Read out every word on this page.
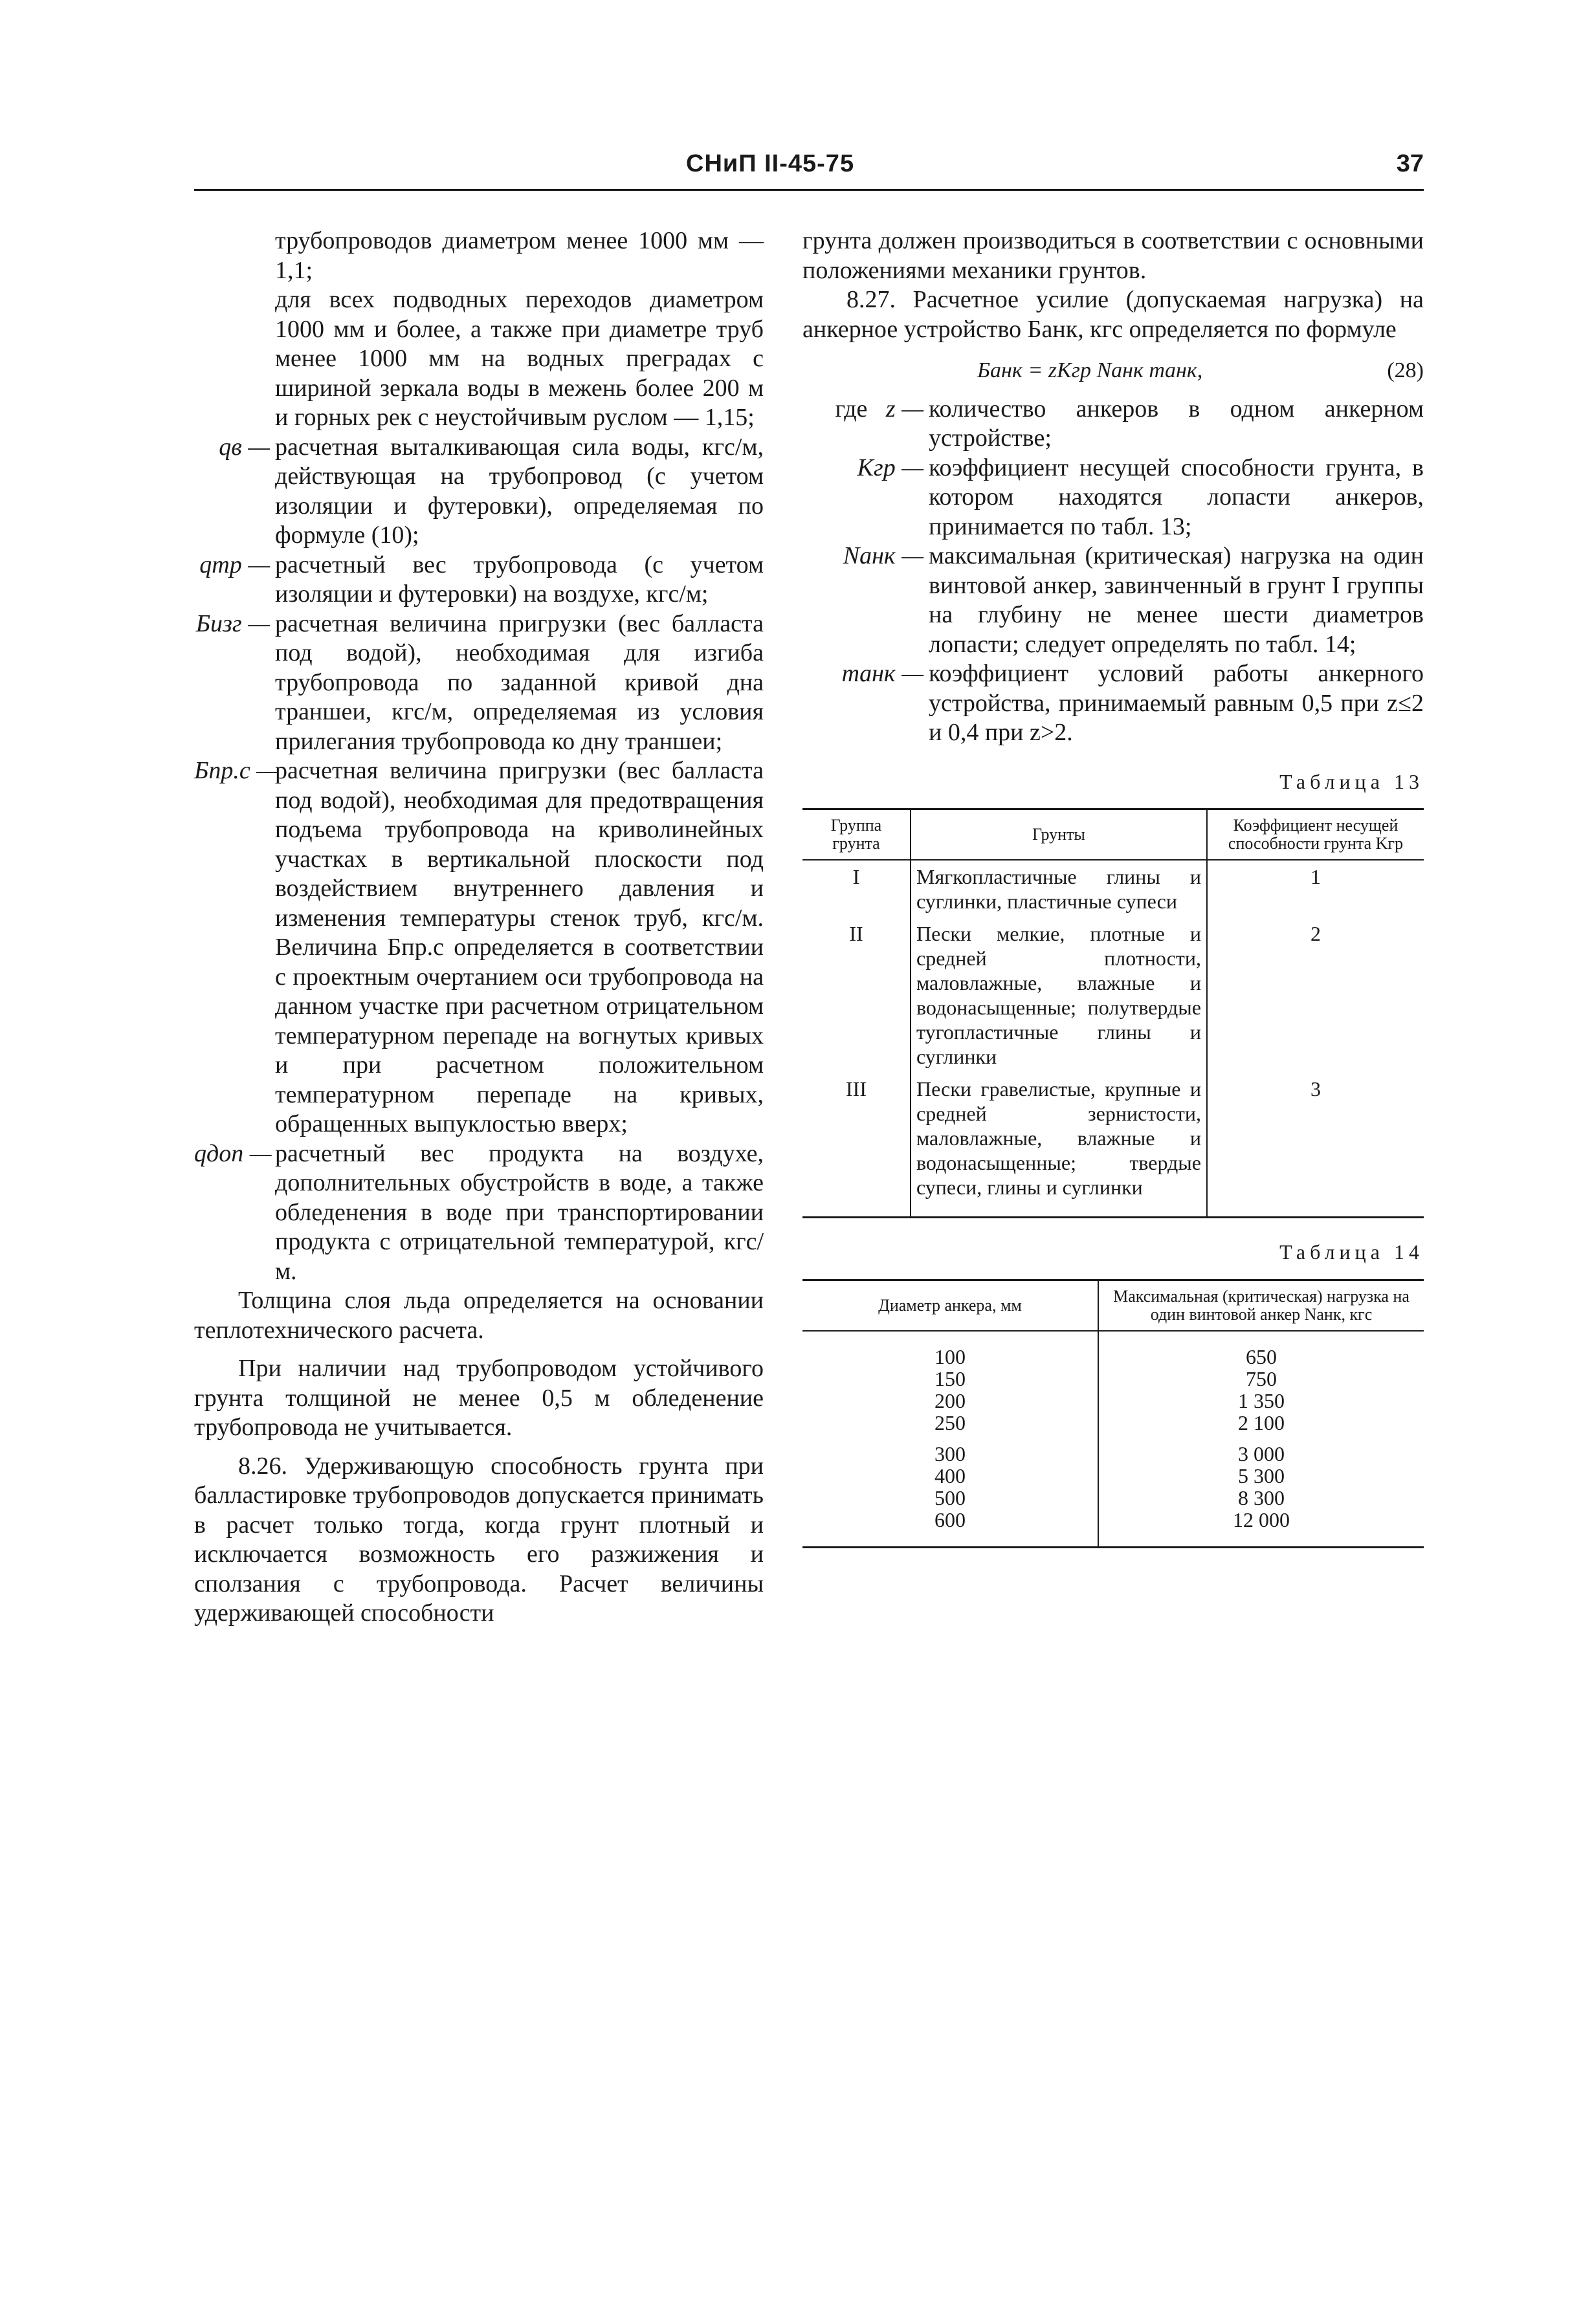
СНиП II-45-75	37

трубопроводов диаметром менее 1000 мм — 1,1;

для всех подводных переходов диаметром 1000 мм и более, а также при диаметре труб менее 1000 мм на водных преградах с шириной зеркала воды в межень более 200 м и горных рек с неустойчивым руслом — 1,15;

qв — расчетная выталкивающая сила воды, кгс/м, действующая на трубопровод (с учетом изоляции и футеровки), определяемая по формуле (10);
qтр — расчетный вес трубопровода (с учетом изоляции и футеровки) на воздухе, кгс/м;
Бизг — расчетная величина пригрузки (вес балласта под водой), необходимая для изгиба трубопровода по заданной кривой дна траншеи, кгс/м, определяемая из условия прилегания трубопровода ко дну траншеи;
Бпр.с —
расчетная величина пригрузки (вес балласта под водой), необходимая для предотвращения подъема трубопровода на криволинейных участках в вертикальной плоскости под воздействием внутреннего давления и изменения температуры стенок труб, кгс/м. Величина Бпр.с определяется в соответствии с проектным очертанием оси трубопровода на данном участке при расчетном отрицательном температурном перепаде на вогнутых кривых и при расчетном положительном температурном перепаде на кривых, обращенных выпуклостью вверх;
qдоп — расчетный вес продукта на воздухе, дополнительных обустройств в воде, а также обледенения в воде при транспортировании продукта с отрицательной температурой, кгс/м.

Толщина слоя льда определяется на основании теплотехнического расчета.

При наличии над трубопроводом устойчивого грунта толщиной не менее 0,5 м обледенение трубопровода не учитывается.

8.26. Удерживающую способность грунта при балластировке трубопроводов допускается принимать в расчет только тогда, когда грунт плотный и исключается возможность его разжижения и сползания с трубопровода. Расчет величины удерживающей способности

грунта должен производиться в соответствии с основными положениями механики грунтов.

8.27. Расчетное усилие (допускаемая нагрузка) на анкерное устройство Банк, кгс определяется по формуле

Банк = zKгр Nанк mанк,	(28)
где z — количество анкеров в одном анкерном устройстве;
Kгр — коэффициент несущей способности грунта, в котором находятся лопасти анкеров, принимается по табл. 13;
Nанк — максимальная (критическая) нагрузка на один винтовой анкер, завинченный в грунт I группы на глубину не менее шести диаметров лопасти; следует определять по табл. 14;
mанк — коэффициент условий работы анкерного устройства, принимаемый равным 0,5 при z≤2 и 0,4 при z>2.
Таблица 13
Группа грунта	Грунты	Коэффициент несущей способности грунта Kгр
I	Мягкопластичные глины и суглинки, пластичные супеси	1
II	Пески мелкие, плотные и средней плотности, маловлажные, влажные и водонасыщенные; полутвердые тугопластичные глины и суглинки	2
III	Пески гравелистые, крупные и средней зернистости, маловлажные, влажные и водонасыщенные; твердые супеси, глины и суглинки	3
Таблица 14
Диаметр анкера, мм	Максимальная (критическая) нагрузка на один винтовой анкер Nанк, кгс
100	650
150	750
200	1 350
250	2 100
300	3 000
400	5 300
500	8 300
600	12 000
